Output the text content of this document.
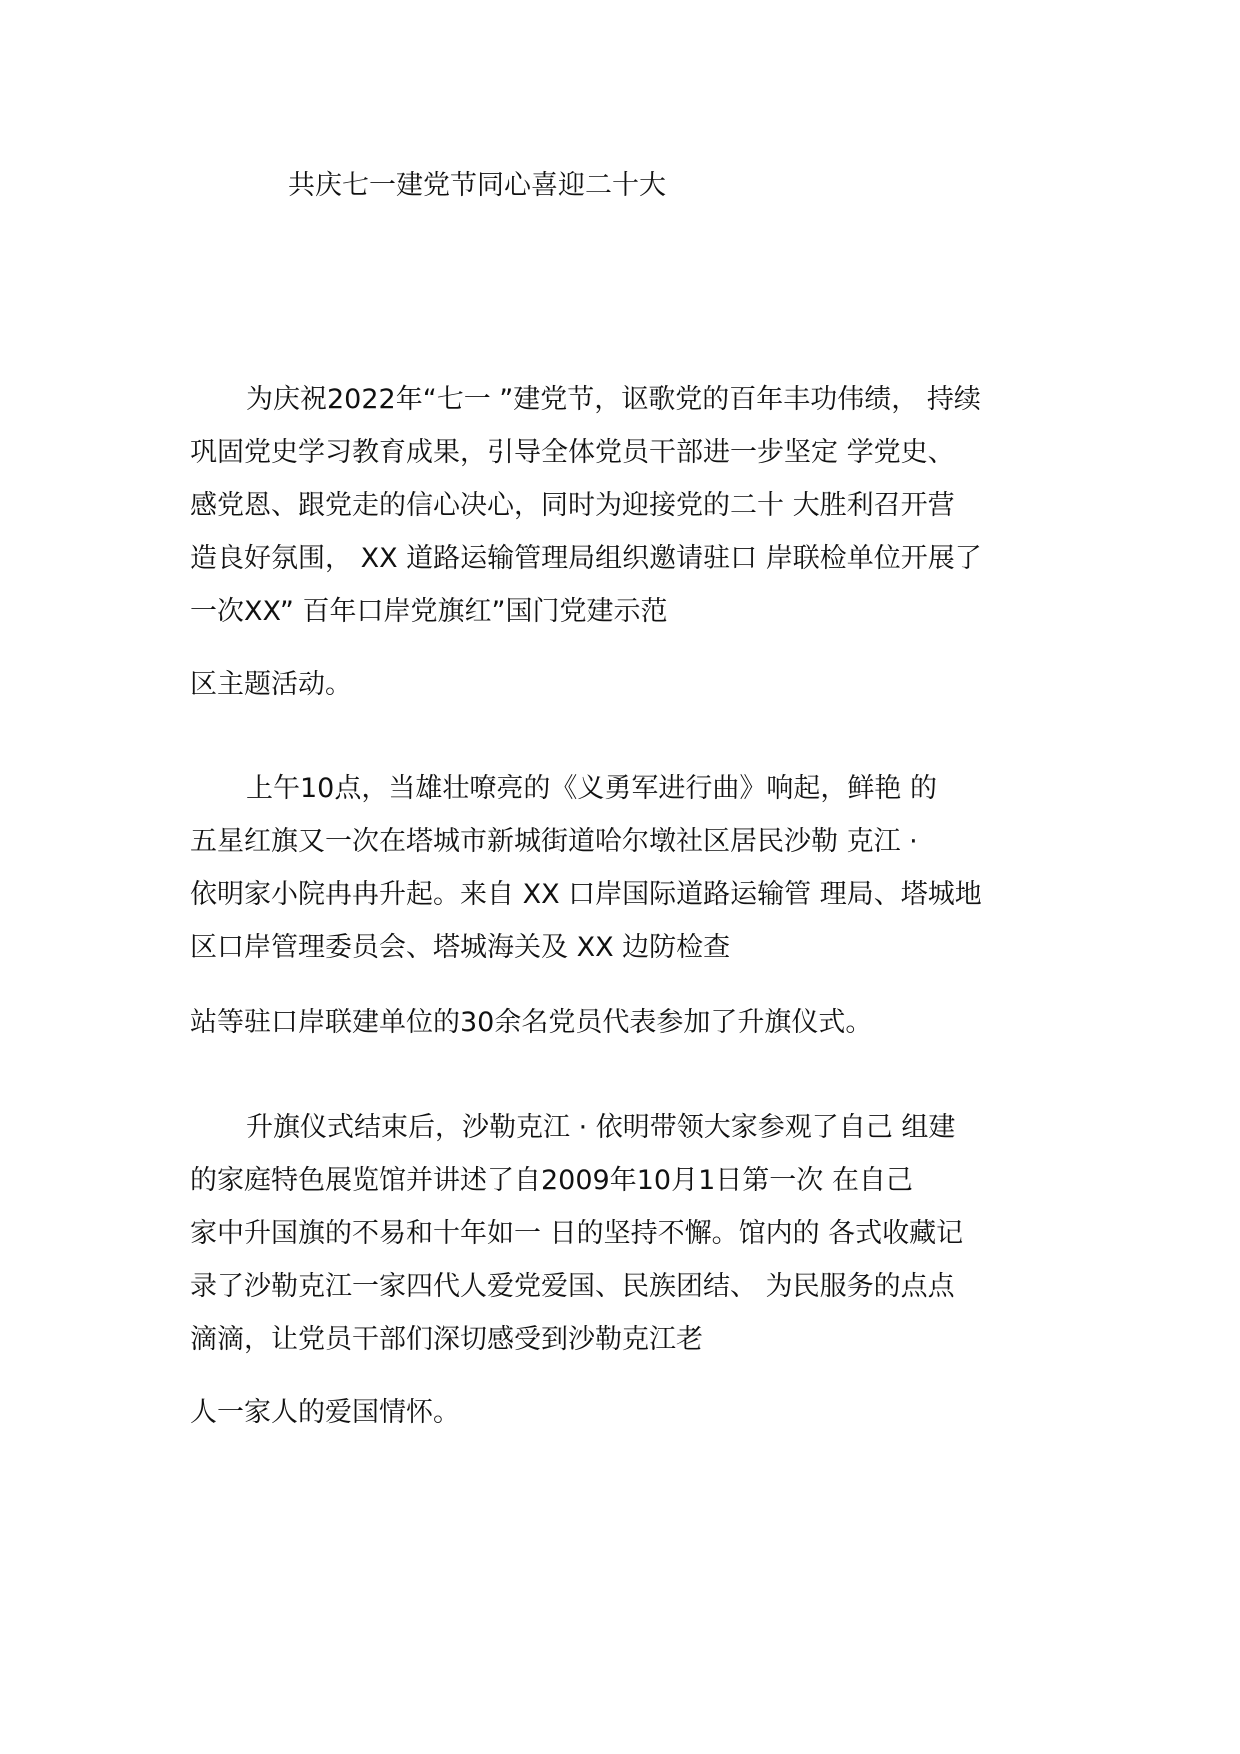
共庆七一建党节同心喜迎二十大

为庆祝2022年“七一 ”建党节，讴歌党的百年丰功伟绩， 持续
巩固党史学习教育成果，引导全体党员干部进一步坚定 学党史、
感党恩、跟党走的信心决心，同时为迎接党的二十 大胜利召开营
造良好氛围， XX 道路运输管理局组织邀请驻口 岸联检单位开展了
一次XX” 百年口岸党旗红”国门党建示范

区主题活动。

上午10点，当雄壮嘹亮的《义勇军进行曲》响起，鲜艳 的
五星红旗又一次在塔城市新城街道哈尔墩社区居民沙勒 克江 ·
依明家小院冉冉升起。来自 XX 口岸国际道路运输管 理局、塔城地
区口岸管理委员会、塔城海关及 XX 边防检查

站等驻口岸联建单位的30余名党员代表参加了升旗仪式。

升旗仪式结束后，沙勒克江 · 依明带领大家参观了自己 组建
的家庭特色展览馆并讲述了自2009年10月1日第一次 在自己
家中升国旗的不易和十年如一 日的坚持不懈。馆内的 各式收藏记
录了沙勒克江一家四代人爱党爱国、民族团结、 为民服务的点点
滴滴，让党员干部们深切感受到沙勒克江老

人一家人的爱国情怀。
